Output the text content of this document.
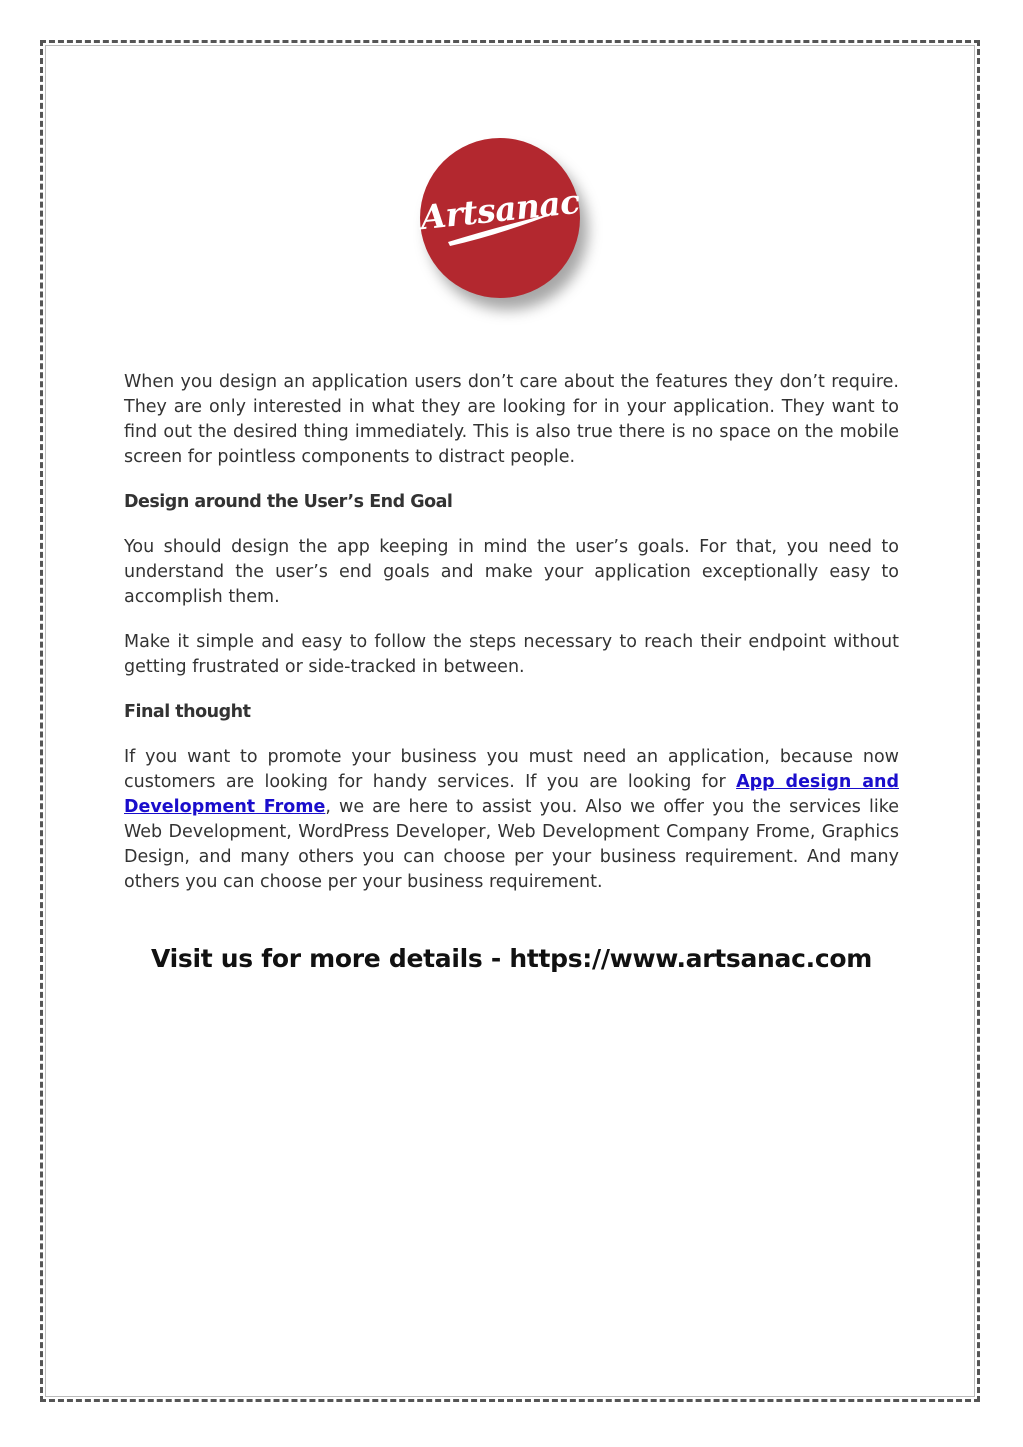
Artsanac

When you design an application users don’t care about the features they don’t require. They are only interested in what they are looking for in your application. They want to find out the desired thing immediately. This is also true there is no space on the mobile screen for pointless components to distract people.

Design around the User’s End Goal

You should design the app keeping in mind the user’s goals. For that, you need to understand the user’s end goals and make your application exceptionally easy to accomplish them.

Make it simple and easy to follow the steps necessary to reach their endpoint without getting frustrated or side-tracked in between.

Final thought

If you want to promote your business you must need an application, because now customers are looking for handy services. If you are looking for App design and Development Frome, we are here to assist you. Also we offer you the services like Web Development, WordPress Developer, Web Development Company Frome, Graphics Design, and many others you can choose per your business requirement. And many others you can choose per your business requirement.

Visit us for more details - https://www.artsanac.com
